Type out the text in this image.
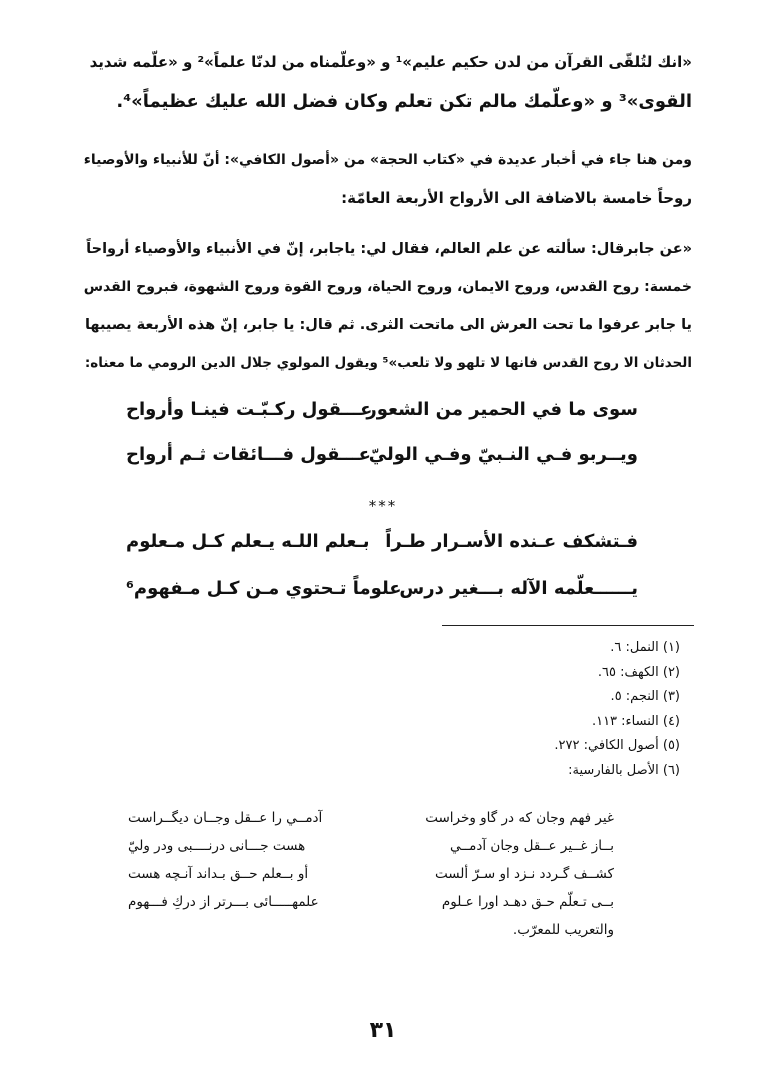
«انك لتُلقّى القرآن من لدن حكيم عليم»¹ و «وعلّمناه من لدنّا علماً»² و «علّمه شديد
القوى»³ و «وعلّمك مالم تكن تعلم وكان فضل الله عليك عظيماً»⁴.
ومن هنا جاء في أخبار عديدة في «كتاب الحجة» من «أصول الكافي»: أنّ للأنبياء والأوصياء
روحاً خامسة بالاضافة الى الأرواح الأربعة العامّة:
«عن جابرقال: سألته عن علم العالم، فقال لي: ياجابر، إنّ في الأنبياء والأوصياء أرواحاً
خمسة: روح القدس، وروح الايمان، وروح الحياة، وروح القوة وروح الشهوة، فبروح القدس
يا جابر عرفوا ما تحت العرش الى ماتحت الثرى. ثم قال: يا جابر، إنّ هذه الأربعة يصيبها
الحدثان الا روح القدس فانها لا تلهو ولا تلعب»⁵ ويقول المولوي جلال الدين الرومي ما معناه:
سوى ما في الحمير من الشعور
عـــقول ركـبّـت فينـا وأرواح
ويــربو فـي النـبيّ وفـي الوليّ
عـــقول فـــائقات ثـم أرواح
***
فـتشكف عـنده الأسـرار طـراً
بـعلم اللـه يـعلم كـل مـعلوم
يــــــعلّمه الآله بـــغير درس
علوماً تـحتوي مـن كـل مـفهوم⁶
(١) النمل: ٦.
(٢) الكهف: ٦٥.
(٣) النجم: ٥.
(٤) النساء: ١١٣.
(٥) أصول الكافي: ٢٧٢.
(٦) الأصل بالفارسية:
غير فهم وجان كه در گاو وخراست
آدمــي را عــقل وجــان ديگــراست
بــاز غــير عــقل وجان آدمــي
هست جـــانى درنــــبى ودر وليّ
كشــف گـردد نـزد او سـرّ ألست
أو بــعلم حــق بـداند آنـچه هست
بــى تـعلّم حـق دهـد اورا عـلوم
علمهـــــائى بـــرتر از دركِ فـــهوم
والتعريب للمعرّب.
٣١
